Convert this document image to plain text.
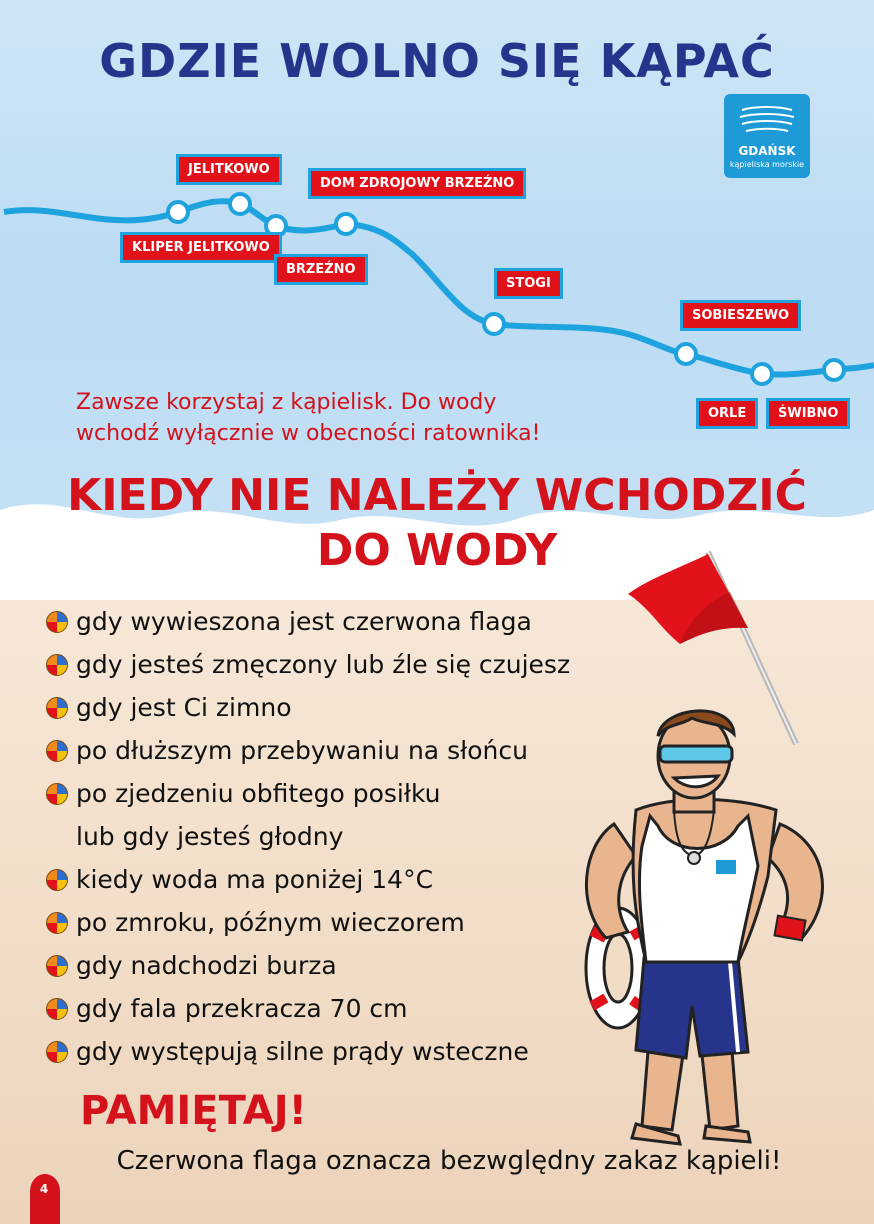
GDZIE WOLNO SIĘ KĄPAĆ
GDAŃSK
kąpieliska morskie
JELITKOWO
KLIPER JELITKOWO
BRZEŹNO
DOM ZDROJOWY BRZEŹNO
STOGI
SOBIESZEWO
ORLE	ŚWIBNO

Zawsze korzystaj z kąpielisk. Do wody
wchodź wyłącznie w obecności ratownika!

KIEDY NIE NALEŻY WCHODZIĆ
DO WODY
gdy wywieszona jest czerwona flaga
gdy jesteś zmęczony lub źle się czujesz
gdy jest Ci zimno
po dłuższym przebywaniu na słońcu
po zjedzeniu obfitego posiłku
lub gdy jesteś głodny
kiedy woda ma poniżej 14°C
po zmroku, późnym wieczorem
gdy nadchodzi burza
gdy fala przekracza 70 cm
gdy występują silne prądy wsteczne
PAMIĘTAJ!
Czerwona flaga oznacza bezwględny zakaz kąpieli!
4
